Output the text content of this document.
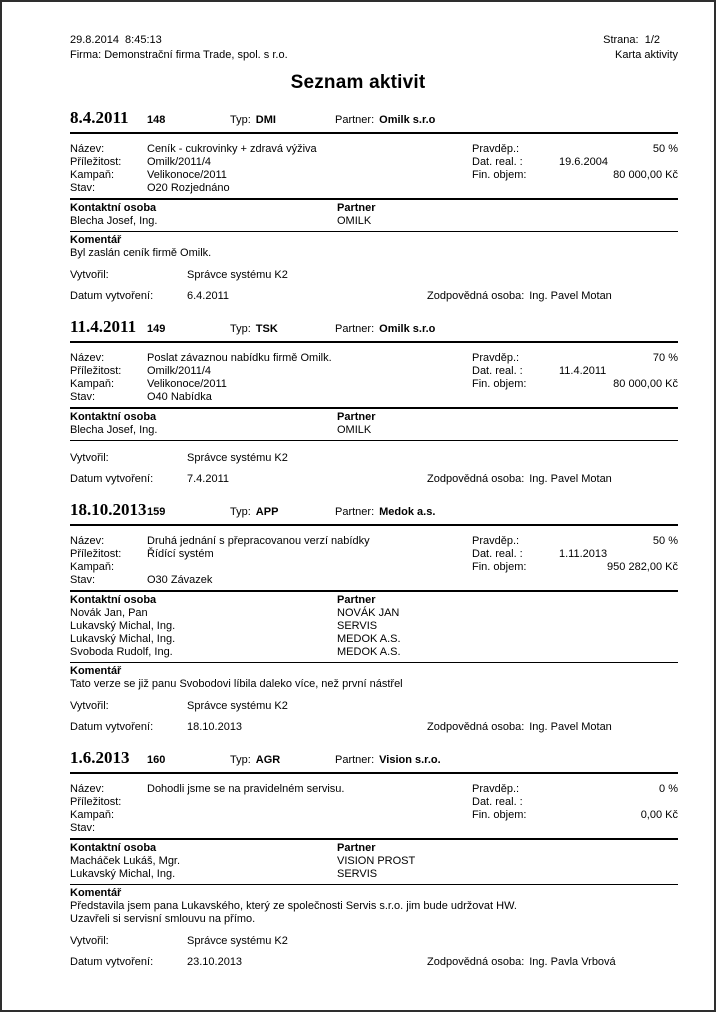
29.8.2014  8:45:13	Strana:  1/2
Firma: Demonstrační firma Trade, spol. s r.o.	Karta aktivity
Seznam aktivit
8.4.2011	148	Typ: DMI	Partner: Omilk s.r.o
Název:	Ceník - cukrovinky + zdravá výživa
Příležitost:	Omilk/2011/4
Kampaň:	Velikonoce/2011
Stav:	O20 Rozjednáno
Pravděp.:	50 %
Dat. real. :	19.6.2004
Fin. objem:	80 000,00 Kč
Kontaktní osoba	Partner
Blecha Josef, Ing.	OMILK
Komentář
Byl zaslán ceník firmě Omilk.
Vytvořil:	Správce systému K2
Datum vytvoření:	6.4.2011	Zodpovědná osoba: Ing. Pavel Motan
11.4.2011 149	Typ: TSK	Partner: Omilk s.r.o
Název:	Poslat závaznou nabídku firmě Omilk.
Příležitost:	Omilk/2011/4
Kampaň:	Velikonoce/2011
Stav:	O40 Nabídka
Pravděp.:	70 %
Dat. real. :	11.4.2011
Fin. objem:	80 000,00 Kč
Kontaktní osoba	Partner
Blecha Josef, Ing.	OMILK
Vytvořil:	Správce systému K2
Datum vytvoření:	7.4.2011	Zodpovědná osoba: Ing. Pavel Motan
18.10.2013 159	Typ: APP	Partner: Medok a.s.
Název:	Druhá jednání s přepracovanou verzí nabídky
Příležitost:	Řídící systém
Kampaň:
Stav:	O30 Závazek
Pravděp.:	50 %
Dat. real. :	1.11.2013
Fin. objem:	950 282,00 Kč
Kontaktní osoba	Partner
Novák Jan, Pan	NOVÁK JAN
Lukavský Michal, Ing.	SERVIS
Lukavský Michal, Ing.	MEDOK A.S.
Svoboda Rudolf, Ing.	MEDOK A.S.
Komentář
Tato verze se již panu Svobodovi líbila daleko více, než první nástřel
Vytvořil:	Správce systému K2
Datum vytvoření:	18.10.2013	Zodpovědná osoba: Ing. Pavel Motan
1.6.2013	160	Typ: AGR	Partner: Vision s.r.o.
Název:	Dohodli jsme se na pravidelném servisu.
Příležitost:
Kampaň:
Stav:
Pravděp.:	0 %
Dat. real. :
Fin. objem:	0,00 Kč
Kontaktní osoba	Partner
Macháček Lukáš, Mgr.	VISION PROST
Lukavský Michal, Ing.	SERVIS
Komentář
Představila jsem pana Lukavského, který ze společnosti Servis s.r.o. jim bude udržovat HW.
Uzavřeli si servisní smlouvu na přímo.
Vytvořil:	Správce systému K2
Datum vytvoření:	23.10.2013	Zodpovědná osoba: Ing. Pavla Vrbová
